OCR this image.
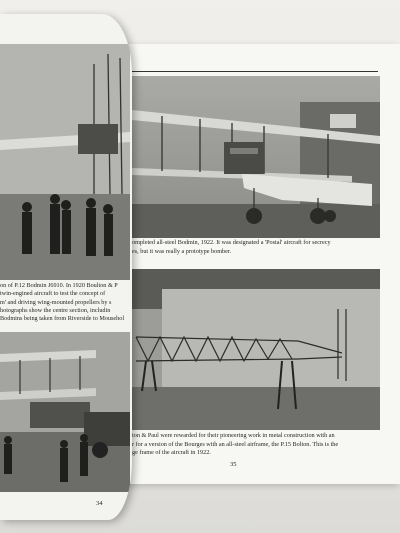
ompleted all-steel Bodmin, 1922. It was designated a 'Postal' aircraft for secrecy
es, but it was really a prototype bomber.
ton & Paul were rewarded for their pioneering work in metal construction with an
r for a version of the Bourges with an all-steel airframe, the P.15 Bolton. This is the
ge frame of the aircraft in 1922.
35
on of P.12 Bodmin J6910. In 1920 Boulton & P
twin-engined aircraft to test the concept of
m' and driving wing-mounted propellers by s
hotographs show the centre section, includin
Bodmins being taken from Riverside to Mousehol
34
